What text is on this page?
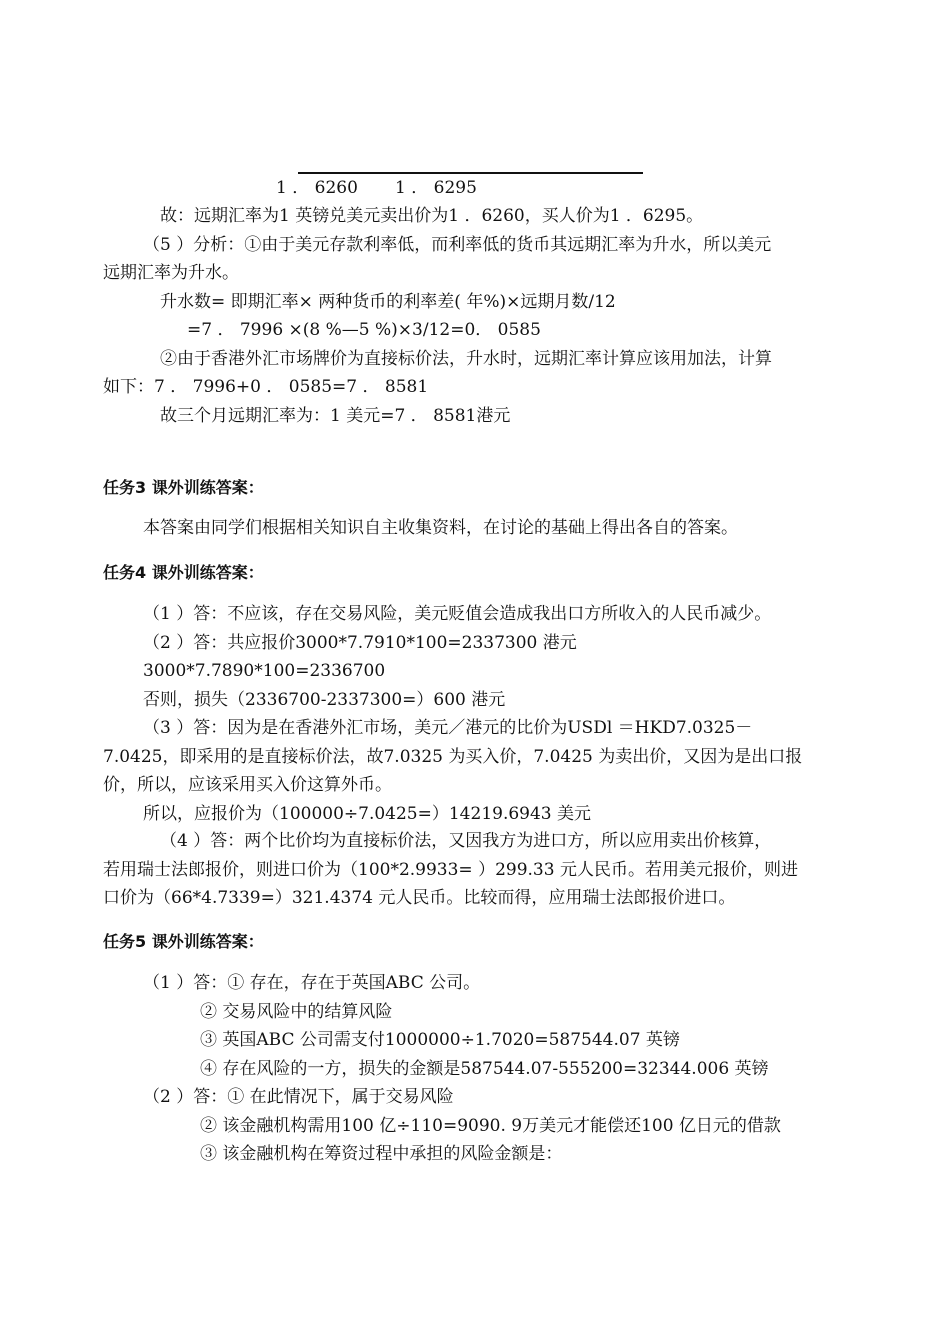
1 ． 6260 1 ． 6295
故：远期汇率为1 英镑兑美元卖出价为1 ．6260，买人价为1 ．6295。
（5 ）分析：①由于美元存款利率低，而利率低的货币其远期汇率为升水，所以美元
远期汇率为升水。
升水数= 即期汇率× 两种货币的利率差( 年%)×远期月数/12
=7 ． 7996 ×(8 %—5 %)×3/12=0． 0585
②由于香港外汇市场牌价为直接标价法，升水时，远期汇率计算应该用加法，计算
如下：7 ． 7996+0 ． 0585=7 ． 8581
故三个月远期汇率为：1 美元=7 ． 8581港元
任务3 课外训练答案：
本答案由同学们根据相关知识自主收集资料，在讨论的基础上得出各自的答案。
任务4 课外训练答案：
（1 ）答：不应该，存在交易风险，美元贬值会造成我出口方所收入的人民币减少。
（2 ）答：共应报价3000*7.7910*100=2337300 港元
3000*7.7890*100=2336700
否则，损失（2336700-2337300=）600 港元
（3 ）答：因为是在香港外汇市场，美元／港元的比价为USDl ＝HKD7.0325－
7.0425，即采用的是直接标价法，故7.0325 为买入价，7.0425 为卖出价，又因为是出口报
价，所以，应该采用买入价这算外币。
所以，应报价为（100000÷7.0425=）14219.6943 美元
（4 ）答：两个比价均为直接标价法，又因我方为进口方，所以应用卖出价核算，
若用瑞士法郎报价，则进口价为（100*2.9933= ）299.33 元人民币。若用美元报价，则进
口价为（66*4.7339=）321.4374 元人民币。比较而得，应用瑞士法郎报价进口。
任务5 课外训练答案：
（1 ）答：① 存在，存在于英国ABC 公司。
② 交易风险中的结算风险
③ 英国ABC 公司需支付1000000÷1.7020=587544.07 英镑
④ 存在风险的一方，损失的金额是587544.07-555200=32344.006 英镑
（2 ）答：① 在此情况下，属于交易风险
② 该金融机构需用100 亿÷110=9090. 9万美元才能偿还100 亿日元的借款
③ 该金融机构在筹资过程中承担的风险金额是：
